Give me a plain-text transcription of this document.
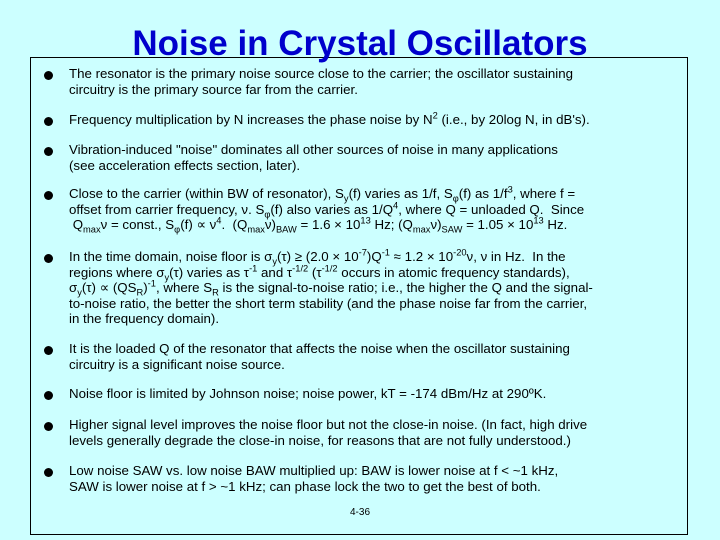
Noise in Crystal Oscillators
The resonator is the primary noise source close to the carrier; the oscillator sustaining
circuitry is the primary source far from the carrier.
Frequency multiplication by N increases the phase noise by $N^2$ (i.e., by 20log N, in dB's).
Vibration-induced "noise" dominates all other sources of noise in many applications
(see acceleration effects section, later).
Close to the carrier (within BW of resonator), $S_y(f)$ varies as 1/f, $S_\varphi(f)$ as $1/f^3$, where f =
offset from carrier frequency, ν. $S_\varphi(f)$ also varies as $1/Q^4$, where Q = unloaded Q.  Since
$Q_{max}\nu$ = const., $S_\varphi(f) \propto \nu^4$.  $(Q_{max}\nu)_{BAW} = 1.6 \times 10^{13}$ Hz; $(Q_{max}\nu)_{SAW} = 1.05 \times 10^{13}$ Hz.
In the time domain, noise floor is $\sigma_y(\tau) \ge (2.0 \times 10^{-7})Q^{-1} \approx 1.2 \times 10^{-20}\nu$, ν in Hz.  In the
regions where $\sigma_y(\tau)$ varies as $\tau^{-1}$ and $\tau^{-1/2}$ ($\tau^{-1/2}$ occurs in atomic frequency standards),
$\sigma_y(\tau) \propto (QS_R)^{-1}$, where $S_R$ is the signal-to-noise ratio; i.e., the higher the Q and the signal-
to-noise ratio, the better the short term stability (and the phase noise far from the carrier,
in the frequency domain).
It is the loaded Q of the resonator that affects the noise when the oscillator sustaining
circuitry is a significant noise source.
Noise floor is limited by Johnson noise; noise power, kT = -174 dBm/Hz at 290ºK.
Higher signal level improves the noise floor but not the close-in noise. (In fact, high drive
levels generally degrade the close-in noise, for reasons that are not fully understood.)
Low noise SAW vs. low noise BAW multiplied up: BAW is lower noise at f < ~1 kHz,
SAW is lower noise at f > ~1 kHz; can phase lock the two to get the best of both.
4-36
